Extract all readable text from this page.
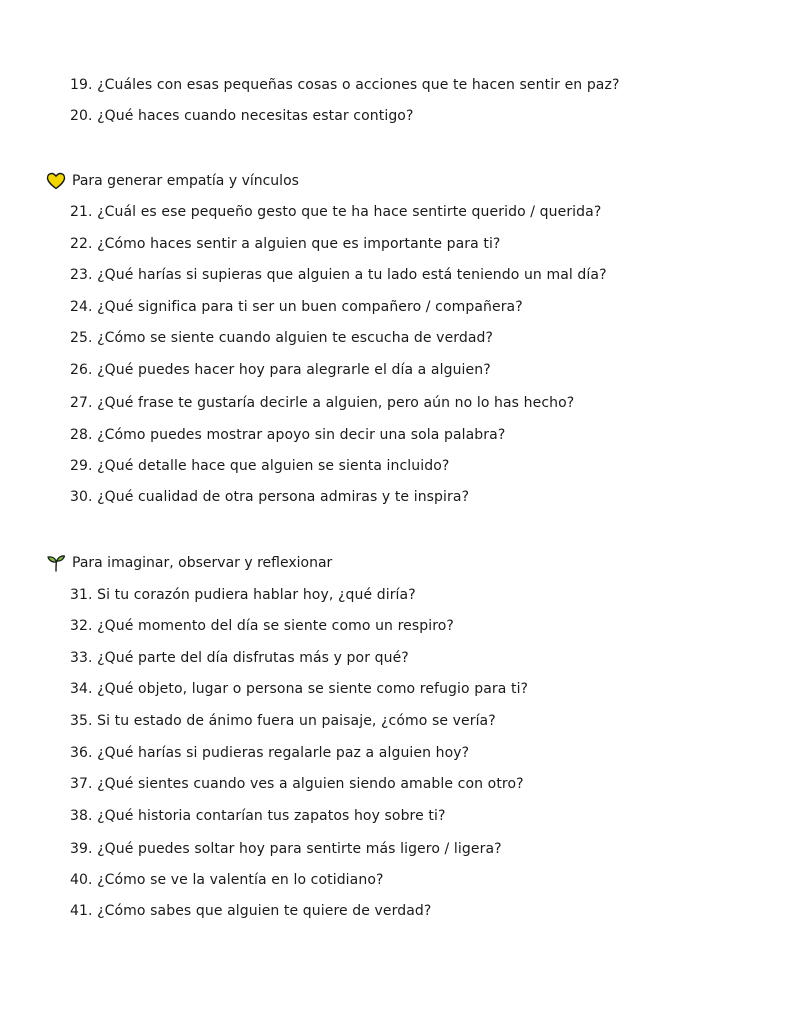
19. ¿Cuáles con esas pequeñas cosas o acciones que te hacen sentir en paz?
20. ¿Qué haces cuando necesitas estar contigo?
Para generar empatía y vínculos
21. ¿Cuál es ese pequeño gesto que te ha hace sentirte querido / querida?
22. ¿Cómo haces sentir a alguien que es importante para ti?
23. ¿Qué harías si supieras que alguien a tu lado está teniendo un mal día?
24. ¿Qué significa para ti ser un buen compañero / compañera?
25. ¿Cómo se siente cuando alguien te escucha de verdad?
26. ¿Qué puedes hacer hoy para alegrarle el día a alguien?
27. ¿Qué frase te gustaría decirle a alguien, pero aún no lo has hecho?
28. ¿Cómo puedes mostrar apoyo sin decir una sola palabra?
29. ¿Qué detalle hace que alguien se sienta incluido?
30. ¿Qué cualidad de otra persona admiras y te inspira?
Para imaginar, observar y reflexionar
31. Si tu corazón pudiera hablar hoy, ¿qué diría?
32. ¿Qué momento del día se siente como un respiro?
33. ¿Qué parte del día disfrutas más y por qué?
34. ¿Qué objeto, lugar o persona se siente como refugio para ti?
35. Si tu estado de ánimo fuera un paisaje, ¿cómo se vería?
36. ¿Qué harías si pudieras regalarle paz a alguien hoy?
37. ¿Qué sientes cuando ves a alguien siendo amable con otro?
38. ¿Qué historia contarían tus zapatos hoy sobre ti?
39. ¿Qué puedes soltar hoy para sentirte más ligero / ligera?
40. ¿Cómo se ve la valentía en lo cotidiano?
41. ¿Cómo sabes que alguien te quiere de verdad?
